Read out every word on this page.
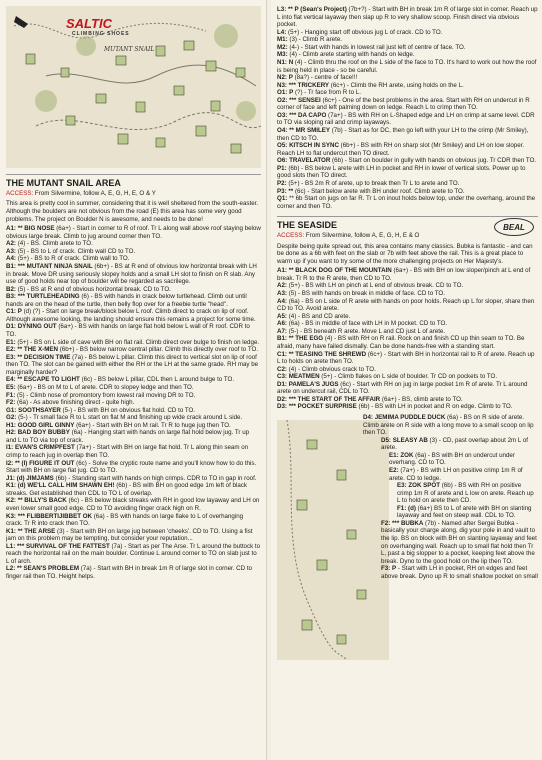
SALTIC
CLIMBING SHOES
MUTANT SNAIL
THE MUTANT SNAIL AREA
ACCESS: From Silvermine, follow A, E, G, H, E, O & Y

This area is pretty cool in summer, considering that it is well sheltered from the south-easter. Although the boulders are not obvious from the road (E) this area has some very good problems. The project on Boulder N is awesome, and needs to be done!

A1: ** BIG NOSE (6a+) - Start in corner to R of roof. Tr L along wall above roof staying below obvious large break. Climb to jug around corner then TO.

A2: (4) - BS. Climb arete to TO.

A3: (5) - BS to L of crack. Climb wall CD to TO.

A4: (5+) - BS to R of crack. Climb wall to TO.

B1: *** MUTANT NINJA SNAIL (6b+) - BS at R end of obvious low horizontal break with LH in break. Move DR using seriously slopey holds and a small LH slot to finish on R slab. Any use of good holds near top of boulder will be regarded as sacrilege.

B2: (5) - BS at R end of obvious horizontal break. CD to TO.

B3: *** TURTLEHEADING (6) - BS with hands in crack below turtlehead. Climb out until hands are on the head of the turtle, then belly flop over for a freebie turtle "head".

C1: P (d) (?) - Start on large break/block below L roof. Climb direct to crack on lip of roof. Although awesome looking, the landing should ensure this remains a project for some time.

D1: DYNING OUT (6a+) - BS with hands on large flat hold below L wall of R roof. CDR to TO.

E1: (5+) - BS on L side of cave with BH on flat rail. Climb direct over bulge to finish on ledge.

E2: ** THE X-MEN (6b+) - BS below narrow central pillar. Climb this directly over roof to TO.

E3: ** DECISION TIME (7a) - BS below L pillar. Climb this direct to vertical slot on lip of roof then TO. The slot can be gained with either the RH or the LH at the same grade. RH may be marginally harder?

E4: ** ESCAPE TO LIGHT (6c) - BS below L pillar, CDL then L around bulge to TO.

E5: (6a+) - BS on M to L of arete. CDR to slopey ledge and then TO.

F1: (5) - Climb nose of promontory from lowest rail moving DR to TO.

F2: (6a) - As above finishing direct - quite high.

G1: SOOTHSAYER (5-) - BS with BH on obvious flat hold. CD to TO.

G2: (5-) - Tr small face R to L start on flat M and finishing up wide crack around L side.

H1: GOOD GIRL GINNY (6a+) - Start with BH on M rail. Tr R to huge jug then TO.

H2: BAD BOY BUBBY (6a) - Hanging start with hands on large flat hold below jug. Tr up and L to TO via top of crack.

I1: EVAN'S CRIMPFEST (7a+) - Start with BH on large flat hold. Tr L along thin seam on crimp to reach jug in overlap then TO.

I2: ** (I) FIGURE IT OUT (6c) - Solve the cryptic route name and you'll know how to do this. Start with BH on large flat jug. CD to TO.

J1: (d) JIMJAMS (6b) - Standing start with hands on high crimps. CDR to TO in gap in roof.

K1: (d) WE'LL CALL HIM SHAWN EH! (6b) - BS with BH on good edge 1m left of black streaks. Get established then CDL to TO L of overlap.

K2: ** BILLY'S BACK (6c) - BS below black streaks with RH in good low layaway and LH on even lower small good edge. CD to TO avoiding finger crack high on R.

K3: *** FLIBBERTIJIBBET OK (6a) - BS with hands on large flake to L of overhanging crack. Tr R into crack then TO.

K1: ** THE ARSE (3) - Start with BH on large jug between 'cheeks'. CD to TO. Using a fist jam on this problem may be tempting, but consider your reputation...

L1: *** SURVIVAL OF THE FATTEST (7a) - Start as per The Arse. Tr L around the buttock to reach the horizontal rail on the main boulder. Continue L around corner to TO on slab just to L of arch.

L2: ** SEAN'S PROBLEM (7a) - Start with BH in break 1m R of large slot in corner. CD to finger rail then TO. Height helps.

L3: ** P (Sean's Project) (7b+?) - Start with BH in break 1m R of large slot in corner. Reach up L into flat vertical layaway then slap up R to very shallow scoop. Finish direct via obvious pocket.

L4: (5+) - Hanging start off obvious jug L of crack. CD to TO.

M1: (3) - Climb R arete.

M2: (4-) - Start with hands in lowest rail just left of centre of face. TO.

M3: (4) - Climb arete starting with hands on ledge.

N1: N (4) - Climb thru the roof on the L side of the face to TO. It's hard to work out how the roof is being held in place - so be careful.

N2: P (8a?) - centre of face!!!

N3: *** TRICKERY (6c+) - Climb the RH arete, using holds on the L.

O1: P (?) - Tr face from R to L.

O2: *** SENSEI (6c+) - One of the best problems in the area. Start with RH on undercut in R corner of face and left palming down on ledge. Reach L to crimp then TO.

O3: *** DA CAPO (7a+) - BS with RH on L-Shaped edge and LH on crimp at same level. CDR to TO via sloping rail and crimp layaways.

O4: ** MR SMILEY (7b) - Start as for DC, then go left with your LH to the crimp (Mr Smiley), then CD to TO.

O5: KITSCH IN SYNC (6b+) - BS with RH on sharp slot (Mr Smiley) and LH on low sloper. Reach LH to flat undercut then TO direct.

O6: TRAVELATOR (6b) - Start on boulder in gully with hands on obvious jug. Tr CDR then TO.

P1: (6b) - BS below L arete with LH in pocket and RH in lower of vertical slots. Power up to good slots then TO direct.

P2: (5+) - BS 2m R of arete, up to break then Tr L to arete and TO.

P3: ** (6c) - Start below arete with BH under roof. Climb arete to TO.

Q1: ** 6b Start on jugs on far R. Tr L on inout holds below top, under the overhang, around the corner and then TO.

THE SEASIDE	BEAL
ACCESS: From Silvermine, follow A, E, G, H, E & O

Despite being quite spread out, this area contains many classics. Bubka is fantastic - and can be done as a 6b with feet on the slab or 7b with feet above the rail. This is a great place to warm up if you want to try some of the more challenging projects on Her Majesty's.

A1: ** BLACK DOG OF THE MOUNTAIN (6a+) - BS with BH on low sloper/pinch at L end of break. Tr R to the R arete, then CD to TO.

A2: (5+) - BS with LH on pinch at L end of obvious break. CD to TO.

A3: (5) - BS with hands on break in middle of face. CD to TO.

A4: (6a) - BS on L side of R arete with hands on poor holds. Reach up L for sloper, share then CD to TO. Avoid arete.

A5: (4) - BS and CD arete.

A6: (6a) - BS in middle of face with LH in M pocket. CD to TO.

A7: (5-) - BS beneath R arete. Move L and CD just L of arete.

B1: ** THE EGG (4) - BS with RH on R rail. Rock on and finish CD up thin seam to TO. Be afraid, many have failed dismally. Can be done hands-free with a standing start.

C1: ** TEASING THE SHREWD (6c+) - Start with BH in horizontal rail to R of arete. Reach up L to holds on arete then TO.

C2: (4) - Climb obvious crack to TO.

C3: MEATMEN (5+) - Climb flakes on L side of boulder. Tr CD on pockets to TO.

D1: PAMELA'S JUGS (6c) - Start with RH on jug in large pocket 1m R of arete. Tr L around arete on undercut rail, CDL to TO.

D2: *** THE START OF THE AFFAIR (6a+) - BS, climb arete to TO.

D3: *** POCKET SURPRISE (6b) - BS with LH in pocket and R on edge. Climb to TO.

D4: JEMIMA PUDDLE DUCK (6a) - BS on R side of arete. Climb arete on R side with a long move to a small scoop on lip then TO.

D5: SLEASY AB (3) - CD, past overlap about 2m L of arete.

E1: ZOK (6a) - BS with BH on undercut under overhang. CD to TO.

E2: (7a+) - BS with LH on positive crimp 1m R of arete. CD to ledge.

E3: ZOK SPOT (6b) - BS with RH on positive crimp 1m R of arete and L low on arete. Reach up L to hold on arete then CD.

F1: (d) (6a+) BS to L of arete with BH on slanting layaway and feet on steep wall. CDL to TO.

F2: *** BUBKA (7b) - Named after Sergei Bubka - basically your charge along, dig your pole in and vault to the lip. BS on block with BH on slanting layaway and feet on overhanging wall. Reach up to small flat hold then Tr L, past a big slopper to a pocket, keeping feet above the break. Dyno to the good hold on the lip then TO.

F3: P - Start with LH in pocket, RH on edges and feet above break. Dyno up R to small shallow pocket on small
